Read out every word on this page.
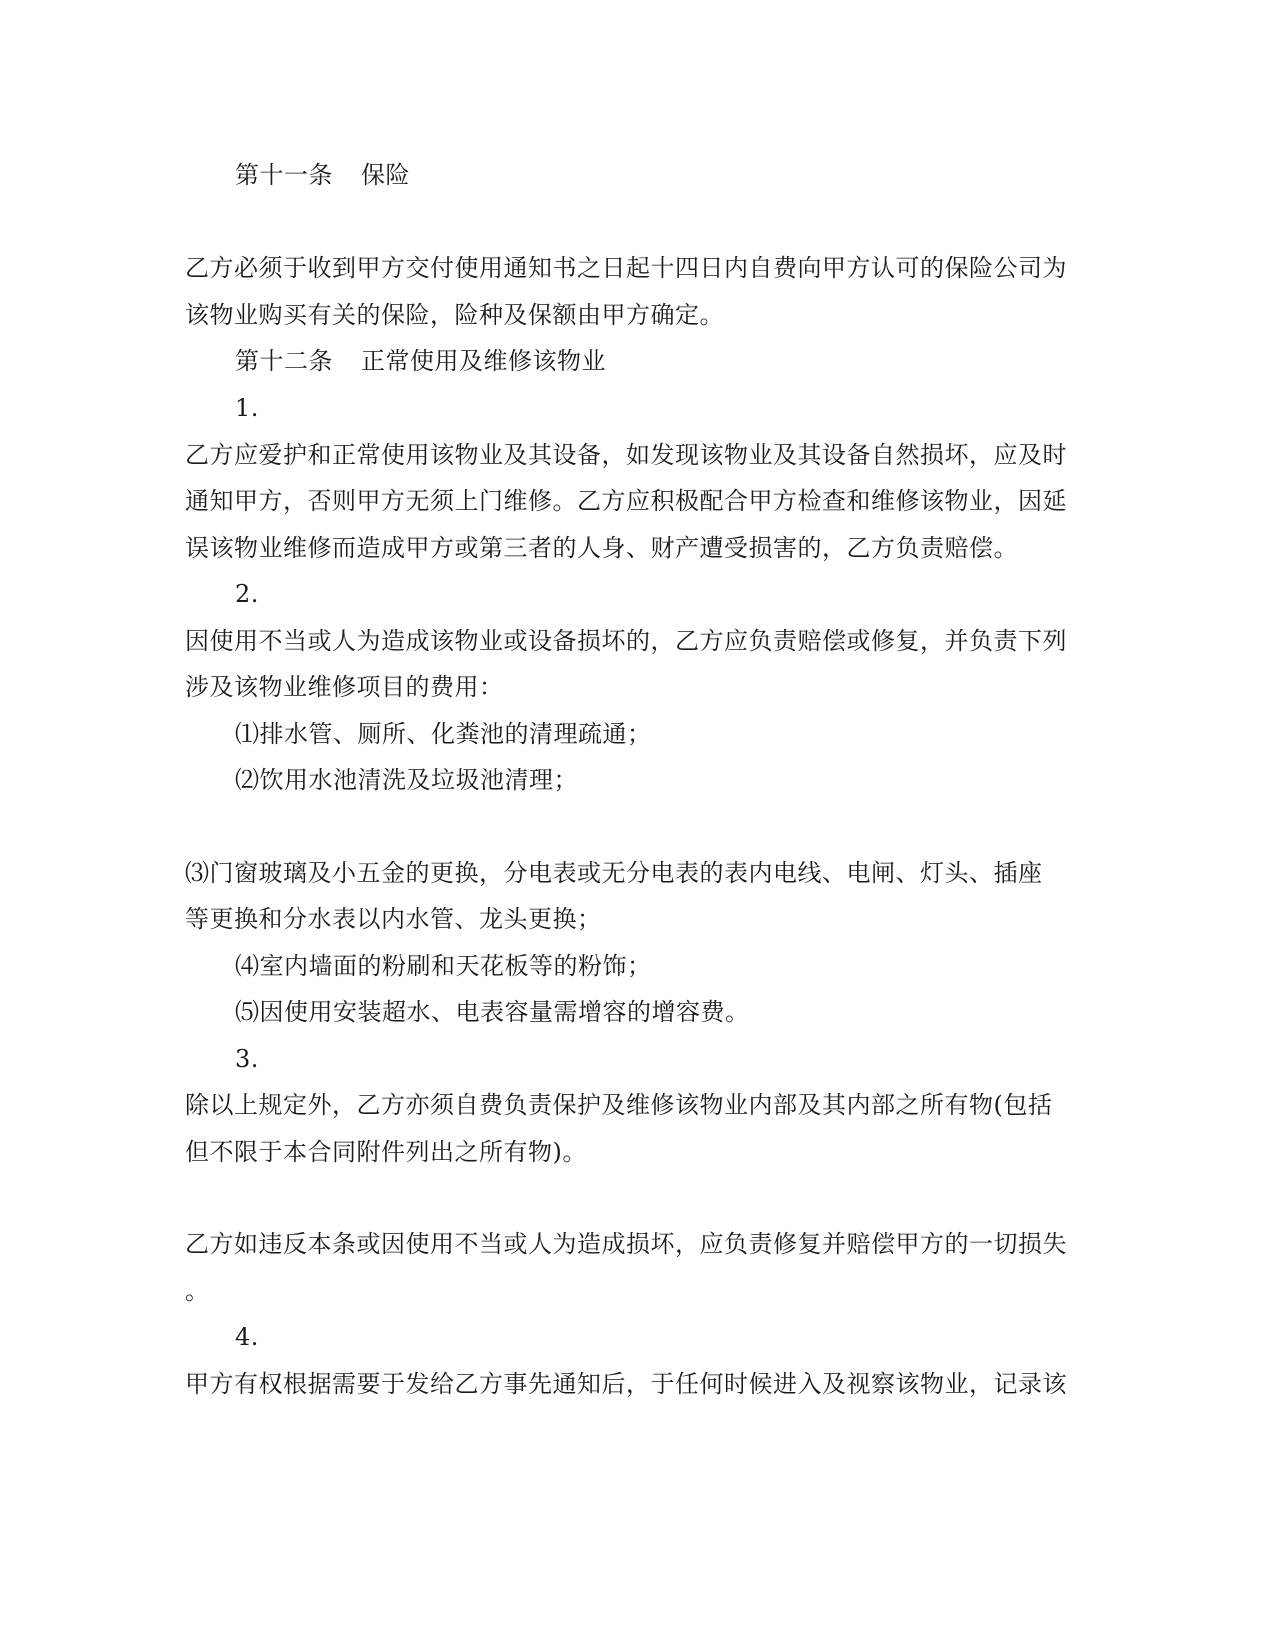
第十一条 保险
乙方必须于收到甲方交付使用通知书之日起十四日内自费向甲方认可的保险公司为
该物业购买有关的保险，险种及保额由甲方确定。
第十二条 正常使用及维修该物业
1.
乙方应爱护和正常使用该物业及其设备，如发现该物业及其设备自然损坏，应及时
通知甲方，否则甲方无须上门维修。乙方应积极配合甲方检查和维修该物业，因延
误该物业维修而造成甲方或第三者的人身、财产遭受损害的，乙方负责赔偿。
2.
因使用不当或人为造成该物业或设备损坏的，乙方应负责赔偿或修复，并负责下列
涉及该物业维修项目的费用：
⑴排水管、厕所、化粪池的清理疏通；
⑵饮用水池清洗及垃圾池清理；
⑶门窗玻璃及小五金的更换，分电表或无分电表的表内电线、电闸、灯头、插座
等更换和分水表以内水管、龙头更换；
⑷室内墙面的粉刷和天花板等的粉饰；
⑸因使用安装超水、电表容量需增容的增容费。
3.
除以上规定外，乙方亦须自费负责保护及维修该物业内部及其内部之所有物(包括
但不限于本合同附件列出之所有物)。
乙方如违反本条或因使用不当或人为造成损坏，应负责修复并赔偿甲方的一切损失
。
4.
甲方有权根据需要于发给乙方事先通知后，于任何时候进入及视察该物业，记录该
